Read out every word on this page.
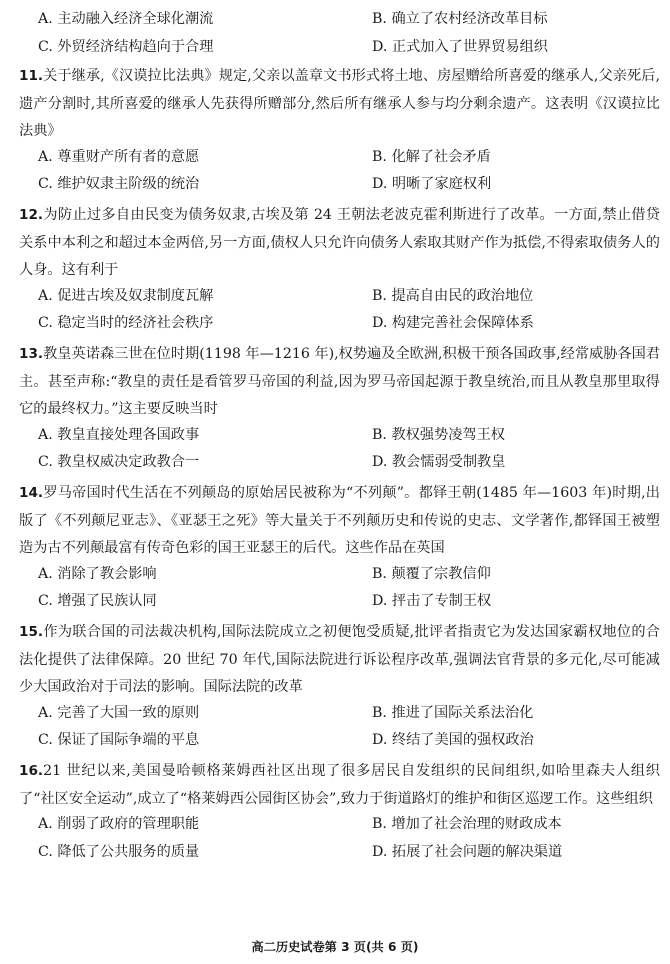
A. 主动融入经济全球化潮流	B. 确立了农村经济改革目标
C. 外贸经济结构趋向于合理	D. 正式加入了世界贸易组织
11.关于继承,《汉谟拉比法典》规定,父亲以盖章文书形式将土地、房屋赠给所喜爱的继承人,父亲死后,遗产分割时,其所喜爱的继承人先获得所赠部分,然后所有继承人参与均分剩余遗产。这表明《汉谟拉比法典》
A. 尊重财产所有者的意愿	B. 化解了社会矛盾
C. 维护奴隶主阶级的统治	D. 明晰了家庭权利
12.为防止过多自由民变为债务奴隶,古埃及第 24 王朝法老波克霍利斯进行了改革。一方面,禁止借贷关系中本利之和超过本金两倍,另一方面,债权人只允许向债务人索取其财产作为抵偿,不得索取债务人的人身。这有利于
A. 促进古埃及奴隶制度瓦解	B. 提高自由民的政治地位
C. 稳定当时的经济社会秩序	D. 构建完善社会保障体系
13.教皇英诺森三世在位时期(1198 年—1216 年),权势遍及全欧洲,积极干预各国政事,经常威胁各国君主。甚至声称:“教皇的责任是看管罗马帝国的利益,因为罗马帝国起源于教皇统治,而且从教皇那里取得它的最终权力。”这主要反映当时
A. 教皇直接处理各国政事	B. 教权强势凌驾王权
C. 教皇权威决定政教合一	D. 教会懦弱受制教皇
14.罗马帝国时代生活在不列颠岛的原始居民被称为“不列颠”。都铎王朝(1485 年—1603 年)时期,出版了《不列颠尼亚志》、《亚瑟王之死》等大量关于不列颠历史和传说的史志、文学著作,都铎国王被塑造为古不列颠最富有传奇色彩的国王亚瑟王的后代。这些作品在英国
A. 消除了教会影响	B. 颠覆了宗教信仰
C. 增强了民族认同	D. 抨击了专制王权
15.作为联合国的司法裁决机构,国际法院成立之初便饱受质疑,批评者指责它为发达国家霸权地位的合法化提供了法律保障。20 世纪 70 年代,国际法院进行诉讼程序改革,强调法官背景的多元化,尽可能减少大国政治对于司法的影响。国际法院的改革
A. 完善了大国一致的原则	B. 推进了国际关系法治化
C. 保证了国际争端的平息	D. 终结了美国的强权政治
16.21 世纪以来,美国曼哈顿格莱姆西社区出现了很多居民自发组织的民间组织,如哈里森夫人组织了“社区安全运动”,成立了“格莱姆西公园街区协会”,致力于街道路灯的维护和街区巡逻工作。这些组织
A. 削弱了政府的管理职能	B. 增加了社会治理的财政成本
C. 降低了公共服务的质量	D. 拓展了社会问题的解决渠道
高二历史试卷第 3 页(共 6 页)
